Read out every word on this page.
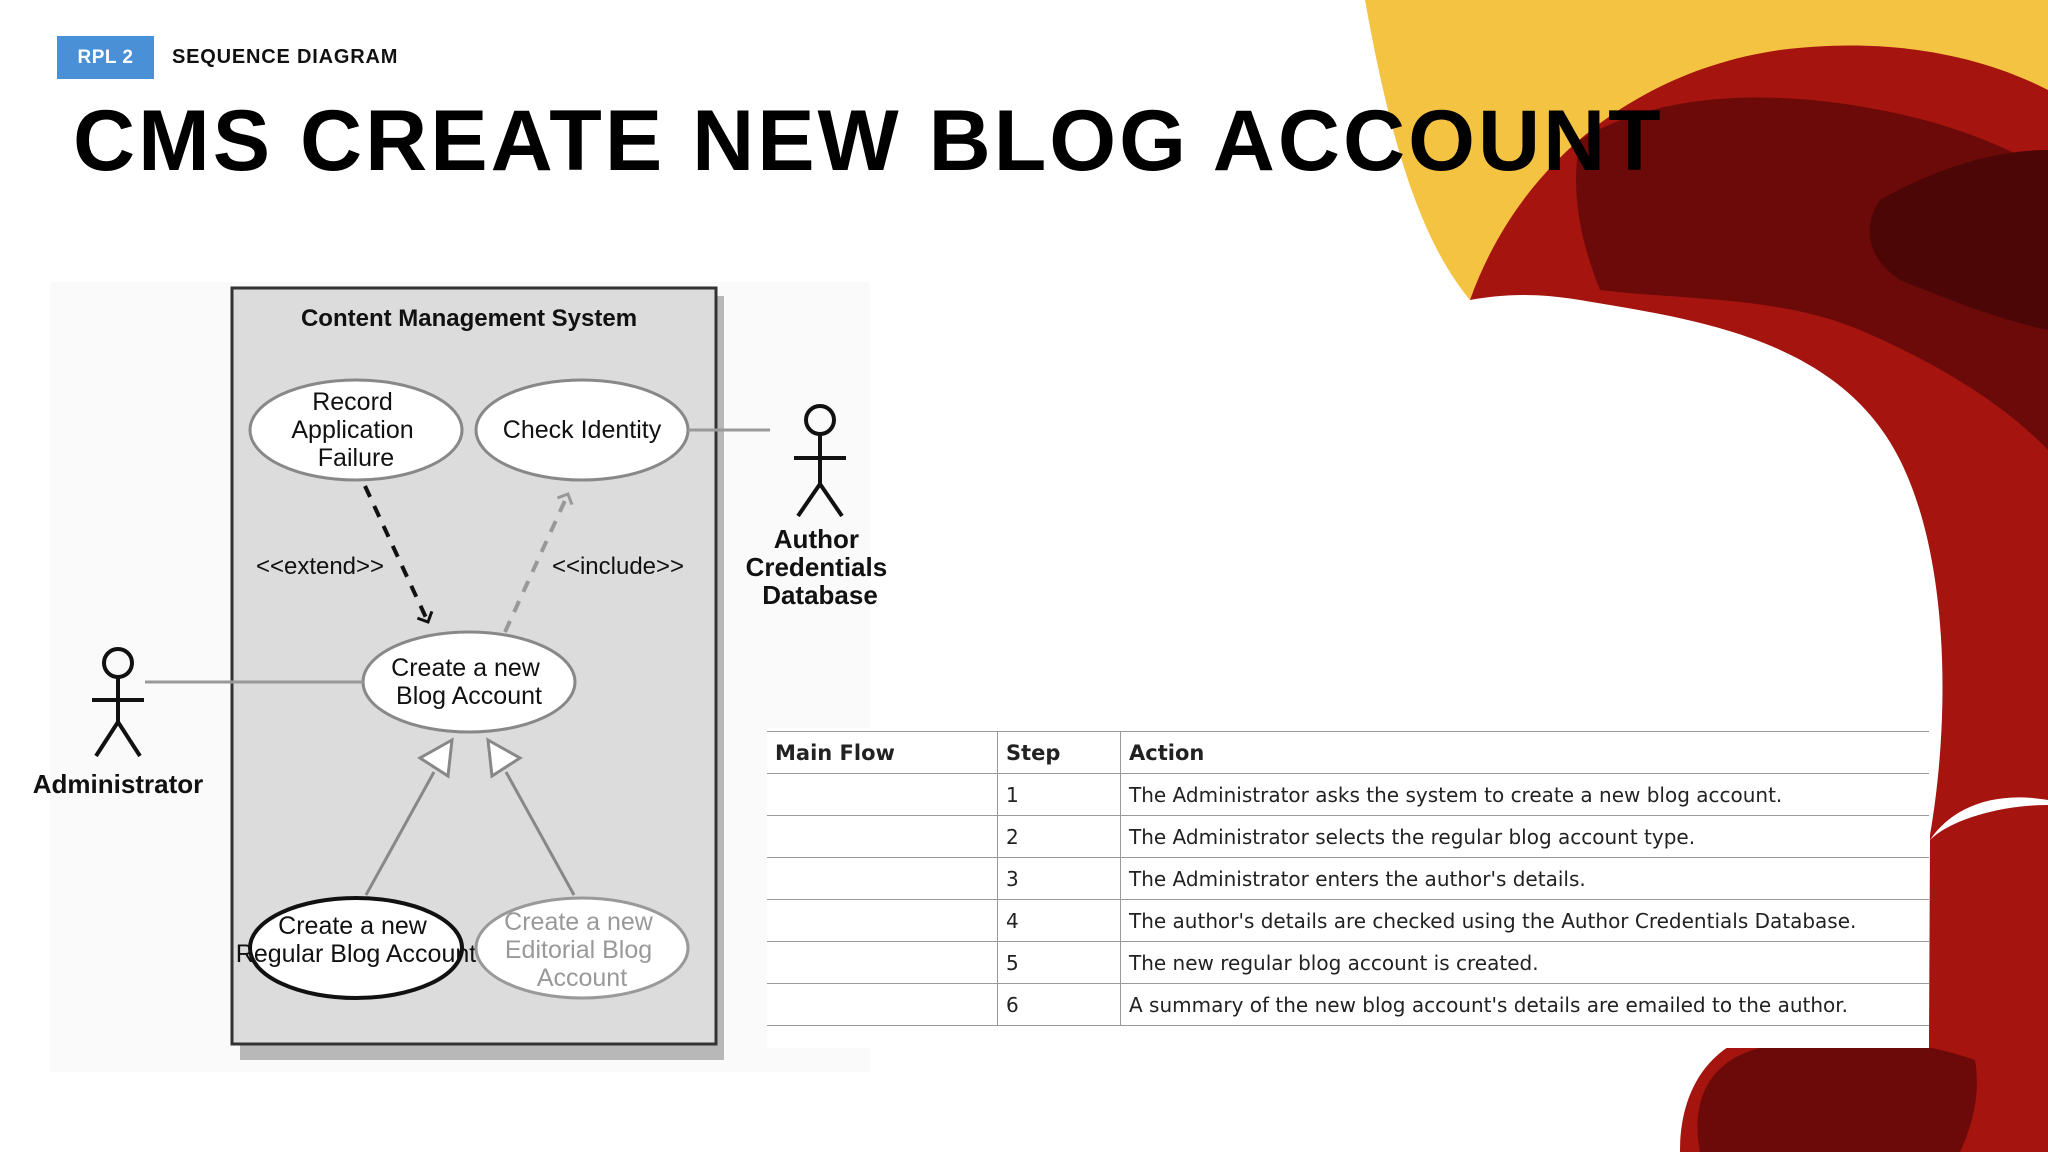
RPL 2	SEQUENCE DIAGRAM
CMS CREATE NEW BLOG ACCOUNT
Content Management System
Record Application Failure
Check Identity
Create a new Blog Account
Create a new Regular Blog Account
Create a new Editorial Blog Account
<<extend>>	<<include>>
Administrator
Author Credentials Database
Main Flow	Step	Action
	1	The Administrator asks the system to create a new blog account.
	2	The Administrator selects the regular blog account type.
	3	The Administrator enters the author's details.
	4	The author's details are checked using the Author Credentials Database.
	5	The new regular blog account is created.
	6	A summary of the new blog account's details are emailed to the author.
